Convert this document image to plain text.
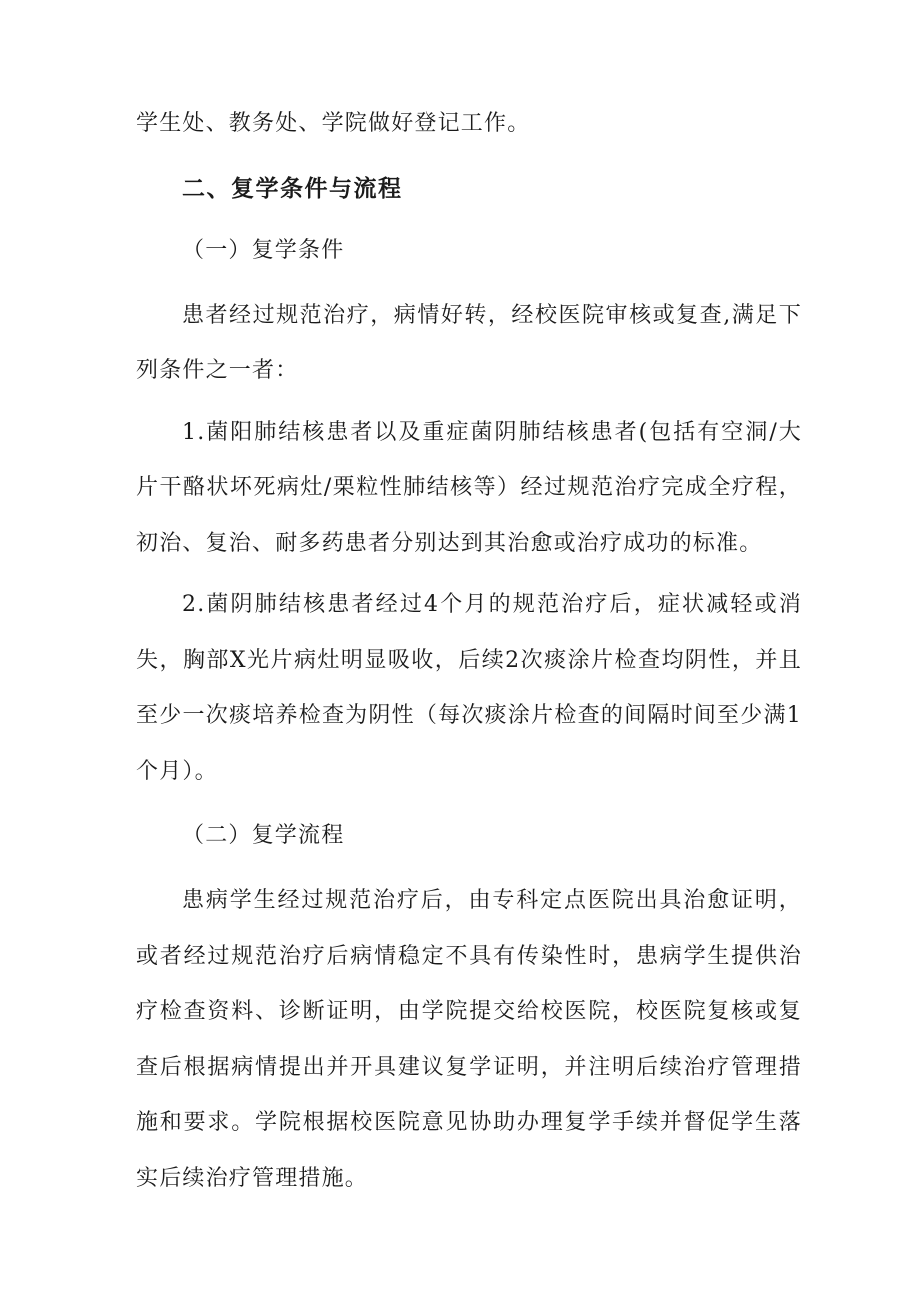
学生处、教务处、学院做好登记工作。

二、复学条件与流程

（一）复学条件

患者经过规范治疗，病情好转，经校医院审核或复查,满足下列条件之一者：

1.菌阳肺结核患者以及重症菌阴肺结核患者(包括有空洞/大片干酪状坏死病灶/栗粒性肺结核等）经过规范治疗完成全疗程，初治、复治、耐多药患者分别达到其治愈或治疗成功的标准。

2.菌阴肺结核患者经过4个月的规范治疗后，症状减轻或消失，胸部X光片病灶明显吸收，后续2次痰涂片检查均阴性，并且至少一次痰培养检查为阴性（每次痰涂片检查的间隔时间至少满1个月）。

（二）复学流程

患病学生经过规范治疗后，由专科定点医院出具治愈证明，或者经过规范治疗后病情稳定不具有传染性时，患病学生提供治疗检查资料、诊断证明，由学院提交给校医院，校医院复核或复查后根据病情提出并开具建议复学证明，并注明后续治疗管理措施和要求。学院根据校医院意见协助办理复学手续并督促学生落实后续治疗管理措施。
